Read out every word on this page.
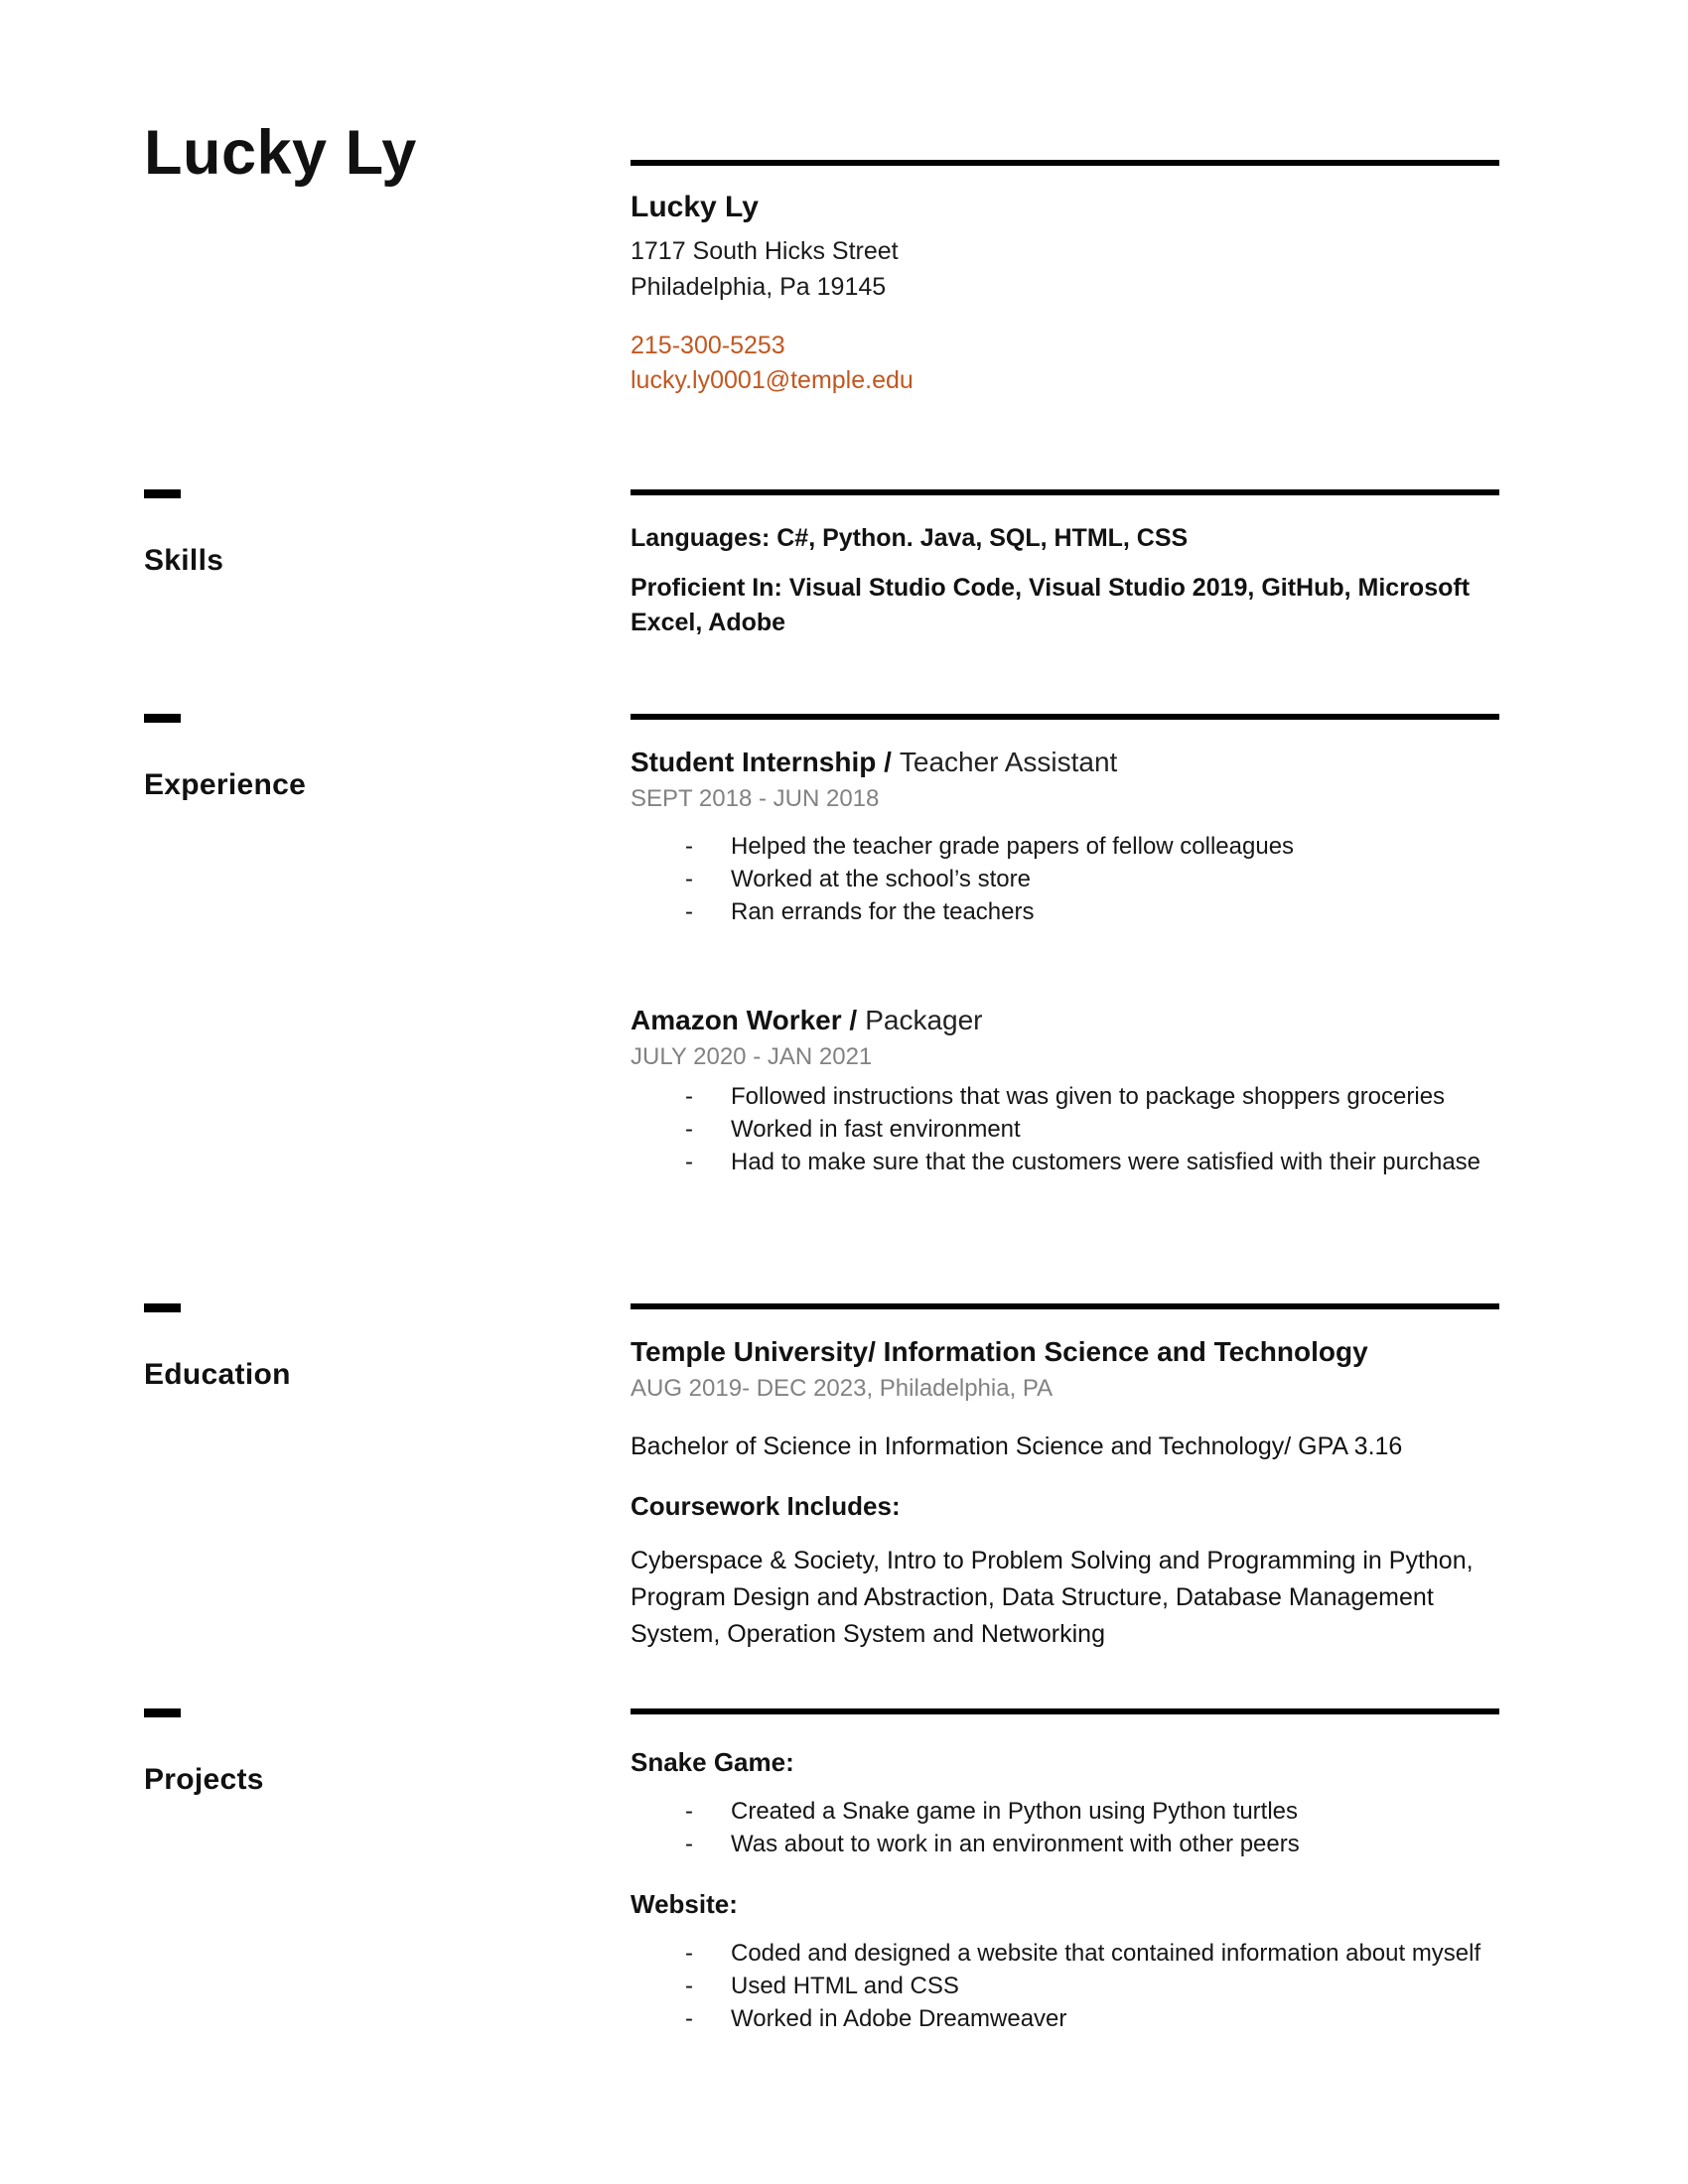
Lucky Ly
Lucky Ly
1717 South Hicks Street
Philadelphia, Pa 19145
215-300-5253
lucky.ly0001@temple.edu
Skills

Languages: C#, Python. Java, SQL, HTML, CSS

Proficient In: Visual Studio Code, Visual Studio 2019, GitHub, Microsoft Excel, Adobe

Experience
Student Internship / Teacher Assistant
SEPT 2018 - JUN 2018
-	Helped the teacher grade papers of fellow colleagues
-	Worked at the school’s store
-	Ran errands for the teachers
Amazon Worker / Packager
JULY 2020 - JAN 2021
-	Followed instructions that was given to package shoppers groceries
-	Worked in fast environment
-	Had to make sure that the customers were satisfied with their purchase
Education
Temple University/ Information Science and Technology
AUG 2019- DEC 2023, Philadelphia, PA
Bachelor of Science in Information Science and Technology/ GPA 3.16
Coursework Includes:
Cyberspace & Society, Intro to Problem Solving and Programming in Python, Program Design and Abstraction, Data Structure, Database Management System, Operation System and Networking
Projects
Snake Game:
-	Created a Snake game in Python using Python turtles
-	Was about to work in an environment with other peers
Website:
-	Coded and designed a website that contained information about myself
-	Used HTML and CSS
-	Worked in Adobe Dreamweaver
